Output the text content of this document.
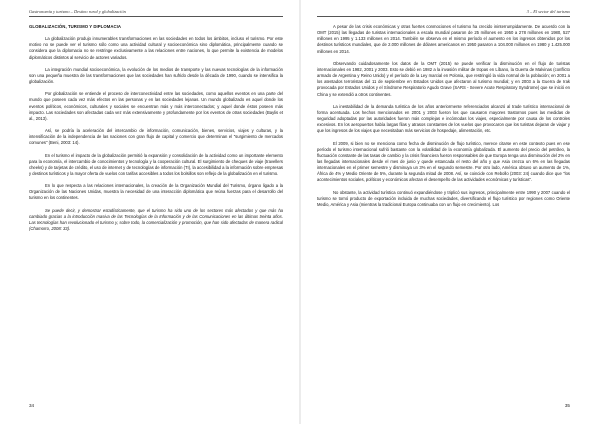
Gastronomía y turismo – Destino rural y globalización

GLOBALIZACIÓN, TURISMO Y DIPLOMACIA

La globalización produjo innumerables transformaciones en las sociedades en todos los ámbitos, incluso el turismo. Por este motivo no se puede ver el turismo sólo como una actividad cultural y socioeconómica sino diplomática, principalmente cuando se considera que la diplomacia no se restringe exclusivamente a las relaciones entre naciones, lo que permite la existencia de modelos diplomáticos distintos al servicio de actores variados.

La integración mundial socioeconómica, la evolución de los medios de transporte y las nuevas tecnologías de la información son una pequeña muestra de las transformaciones que las sociedades han sufrido desde la década de 1990, cuando se intensifica la globalización.

Por globalización se entiende el proceso de interconectividad entre las sociedades, como aquellos eventos en una parte del mundo que poseen cada vez más efectos en las personas y en las sociedades lejanas. Un mundo globalizado es aquel donde los eventos políticos, económicos, culturales y sociales se encuentran más y más interconectados; y aquel donde éstos poseen más impacto. Las sociedades son afectadas cada vez más extensivamente y profundamente por los eventos de otras sociedades (Baylis et al., 2013).

Así, se podría la aceleración del intercambio de información, comunicación, bienes, servicios, viajes y culturas, y la intensificación de la independencia de las naciones con gran flujo de capital y comercio que determinan el "surgimiento de mercados comunes" (Beni, 2003: 14).

En el turismo el impacto de la globalización permitió la expansión y consolidación de la actividad como un importante elemento para la economía, el intercambio de conocimientos y tecnología y la cooperación cultural. El surgimiento de cheques de viaje (travellers cheeks) y de tarjetas de crédito, el uso de internet y de tecnologías de información (TI), la accesibilidad a la información sobre empresas y destinos turísticos y la mayor oferta de vuelos con tarifas accesibles a todos los bolsillos son reflejo de la globalización en el turismo.

En lo que respecta a las relaciones internacionales, la creación de la Organización Mundial del Turismo, órgano ligado a la Organización de las Naciones Unidas, muestra la necesidad de una interacción diplomática que reúna fuerzas para el desarrollo del turismo en los continentes.

Se puede decir, y demostrar estadísticamente, que el turismo ha sido uno de los sectores más afectados y que más ha cambiado gracias a la introducción masiva de las Tecnologías de la Información y de las Comunicaciones en las últimas treinta años. Las tecnologías han revolucionado el turismo y, sobre todo, la comercialización y promoción, que han sido afectadas de manera radical (Chamorro, 2008: 33).

34
3 – El sector del turismo

A pesar de las crisis económicas y otras fuertes conmociones el turismo ha crecido ininterrumpidamente. De acuerdo con la OMT (2015) las llegadas de turistas internacionales a escala mundial pasaron de 25 millones en 1950 a 278 millones en 1980, 527 millones en 1995 y 1.133 millones en 2014. También se observa en el mismo período el aumento en los ingresos obtenidos por los destinos turísticos mundiales, que de 2.000 millones de dólares americanos en 1950 pasaron a 104.000 millones en 1980 y 1.425.000 millones en 2014.

Observando cuidadosamente los datos de la OMT (2015) se puede verificar la disminución en el flujo de turistas internacionales en 1982, 2001 y 2003. Esto se debió en 1982 a la invasión militar de tropas en Líbano, la Guerra de Malvinas (conflicto armado de Argentina y Reino Unido) y el período de la Ley marcial en Polonia, que restringió la vida normal de la población; en 2001 a los atentados terroristas del 11 de septiembre en Estados Unidos que afectaron al turismo mundial; y en 2003 a la Guerra de Irak provocada por Estados Unidos y el Síndrome Respiratorio Agudo Grave (SARS - Severe Acute Respiratory Syndrome) que se inició en China y se extendió a otros continentes.

La inestabilidad de la demanda turística de los años anteriormente referenciados alcanzó al trade turístico internacional de forma acentuada. Los hechos mencionados en 2001 y 2003 fueron los que causaron mayores trastornos pues las medidas de seguridad adoptadas por las autoridades fueron más complejas e incómodas los viajes, especialmente por causa de los controles excesivos. En los aeropuertos había largas filas y atrasos constantes de los vuelos que provocaron que los turistas dejaran de viajar y que los ingresos de los viajes que necesitaban más servicios de hospedaje, alimentación, etc.

El 2009, si bien no se menciona como fecha de disminución de flujo turístico, merece citarse en este contexto pues en ese período el turismo internacional sufrió bastante con la volatilidad de la economía globalizada. El aumento del precio del petróleo, la fluctuación constante de las tasas de cambio y la crisis financiera fueron responsables de que Europa tenga una disminución del 2% en las llegadas internacionales desde el mes de junio y quede estancada el resto del año y que Asia crezca un 6% en las llegadas internacionales en el primer semestre y disminuya un 3% en el segundo semestre. Por otro lado, América obtuvo un aumento de 1%, África de 4% y Medio Oriente de 5%, durante la segunda mitad de 2008. Así, se coincide con Rebollo (2003: 24) cuando dice que "los acontecimientos sociales, políticos y económicos afectan el desempeño de las actividades económicas y turísticas".

No obstante, la actividad turística continuó expandiéndose y triplicó sus ingresos, principalmente entre 1990 y 2007 cuando el turismo se tornó producto de exportación incluida de muchas sociedades, diversificando el flujo turístico por regiones como Oriente Medio, América y Asia (mientras la tradicional Europa continuaba con un flujo en crecimiento). Los

35
